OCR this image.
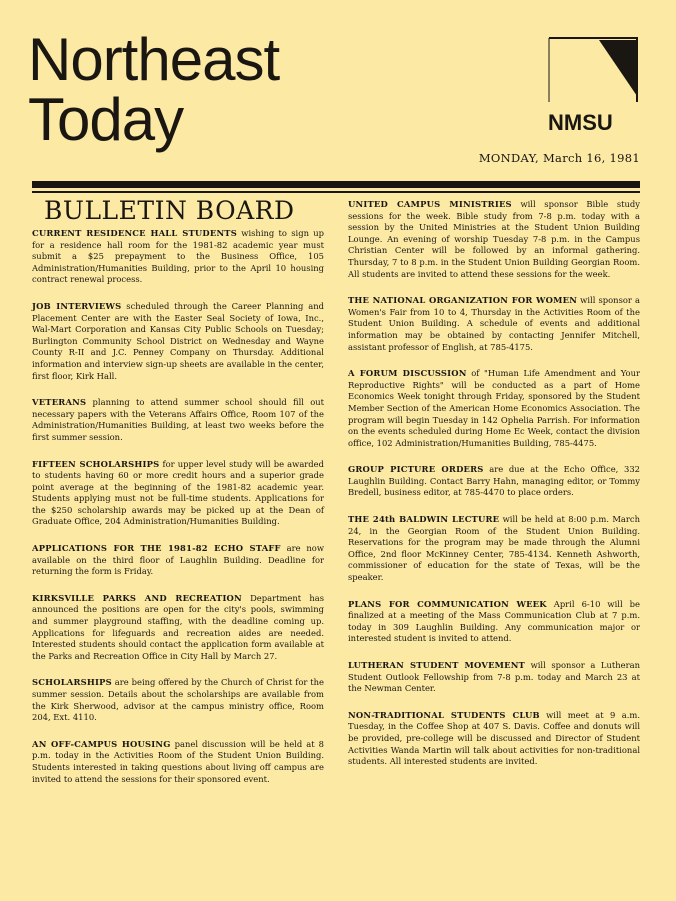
Northeast
Today	NMSU
MONDAY, March 16, 1981
BULLETIN BOARD

CURRENT RESIDENCE HALL STUDENTS wishing to sign up for a residence hall room for the 1981-82 academic year must submit a $25 prepayment to the Business Office, 105 Administration/Humanities Building, prior to the April 10 housing contract renewal process.

JOB INTERVIEWS scheduled through the Career Planning and Placement Center are with the Easter Seal Society of Iowa, Inc., Wal-Mart Corporation and Kansas City Public Schools on Tuesday; Burlington Community School District on Wednesday and Wayne County R-II and J.C. Penney Company on Thursday. Additional information and interview sign-up sheets are available in the center, first floor, Kirk Hall.

VETERANS planning to attend summer school should fill out necessary papers with the Veterans Affairs Office, Room 107 of the Administration/Humanities Building, at least two weeks before the first summer session.

FIFTEEN SCHOLARSHIPS for upper level study will be awarded to students having 60 or more credit hours and a superior grade point average at the beginning of the 1981-82 academic year. Students applying must not be full-time students. Applications for the $250 scholarship awards may be picked up at the Dean of Graduate Office, 204 Administration/Humanities Building.

APPLICATIONS FOR THE 1981-82 ECHO STAFF are now available on the third floor of Laughlin Building. Deadline for returning the form is Friday.

KIRKSVILLE PARKS AND RECREATION Department has announced the positions are open for the city's pools, swimming and summer playground staffing, with the deadline coming up. Applications for lifeguards and recreation aides are needed. Interested students should contact the application form available at the Parks and Recreation Office in City Hall by March 27.

SCHOLARSHIPS are being offered by the Church of Christ for the summer session. Details about the scholarships are available from the Kirk Sherwood, advisor at the campus ministry office, Room 204, Ext. 4110.

AN OFF-CAMPUS HOUSING panel discussion will be held at 8 p.m. today in the Activities Room of the Student Union Building. Students interested in taking questions about living off campus are invited to attend the sessions for their sponsored event.

UNITED CAMPUS MINISTRIES will sponsor Bible study sessions for the week. Bible study from 7-8 p.m. today with a session by the United Ministries at the Student Union Building Lounge. An evening of worship Tuesday 7-8 p.m. in the Campus Christian Center will be followed by an informal gathering. Thursday, 7 to 8 p.m. in the Student Union Building Georgian Room. All students are invited to attend these sessions for the week.

THE NATIONAL ORGANIZATION FOR WOMEN will sponsor a Women's Fair from 10 to 4, Thursday in the Activities Room of the Student Union Building. A schedule of events and additional information may be obtained by contacting Jennifer Mitchell, assistant professor of English, at 785-4175.

A FORUM DISCUSSION of "Human Life Amendment and Your Reproductive Rights" will be conducted as a part of Home Economics Week tonight through Friday, sponsored by the Student Member Section of the American Home Economics Association. The program will begin Tuesday in 142 Ophelia Parrish. For information on the events scheduled during Home Ec Week, contact the division office, 102 Administration/Humanities Building, 785-4475.

GROUP PICTURE ORDERS are due at the Echo Office, 332 Laughlin Building. Contact Barry Hahn, managing editor, or Tommy Bredell, business editor, at 785-4470 to place orders.

THE 24th BALDWIN LECTURE will be held at 8:00 p.m. March 24, in the Georgian Room of the Student Union Building. Reservations for the program may be made through the Alumni Office, 2nd floor McKinney Center, 785-4134. Kenneth Ashworth, commissioner of education for the state of Texas, will be the speaker.

PLANS FOR COMMUNICATION WEEK April 6-10 will be finalized at a meeting of the Mass Communication Club at 7 p.m. today in 309 Laughlin Building. Any communication major or interested student is invited to attend.

LUTHERAN STUDENT MOVEMENT will sponsor a Lutheran Student Outlook Fellowship from 7-8 p.m. today and March 23 at the Newman Center.

NON-TRADITIONAL STUDENTS CLUB will meet at 9 a.m. Tuesday, in the Coffee Shop at 407 S. Davis. Coffee and donuts will be provided, pre-college will be discussed and Director of Student Activities Wanda Martin will talk about activities for non-traditional students. All interested students are invited.
